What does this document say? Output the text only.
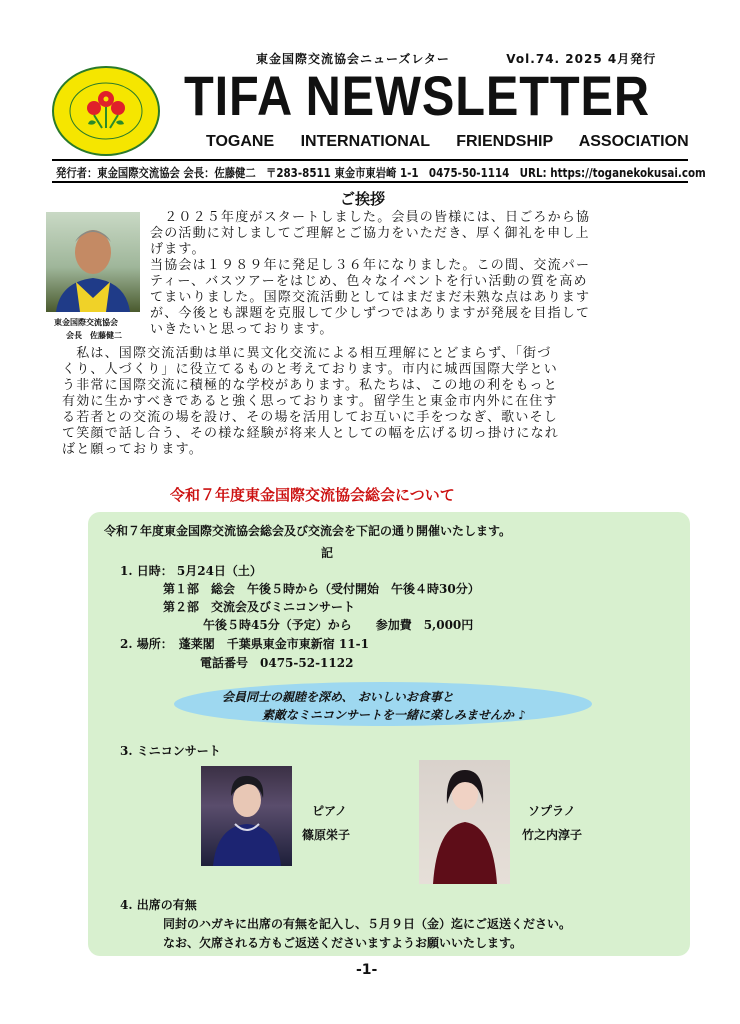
東金国際交流協会ニューズレター	Vol.74. 2025 4月発行
TIFA NEWSLETTER
TOGANE INTERNATIONAL FRIENDSHIP ASSOCIATION
発行者：東金国際交流協会 会長：佐藤健二　〒283-8511 東金市東岩崎 1-1　0475-50-1114　URL: https://toganekokusai.com
ご挨拶
東金国際交流協会
会長　佐藤健二
　２０２５年度がスタートしました。会員の皆様には、日ごろから協
会の活動に対しましてご理解とご協力をいただき、厚く御礼を申し上
げます。
当協会は１９８９年に発足し３６年になりました。この間、交流パー
ティー、バスツアーをはじめ、色々なイベントを行い活動の質を高め
てまいりました。国際交流活動としてはまだまだ未熟な点はあります
が、今後とも課題を克服して少しずつではありますが発展を目指して
いきたいと思っております。
　私は、国際交流活動は単に異文化交流による相互理解にとどまらず、「街づ
くり、人づくり」に役立てるものと考えております。市内に城西国際大学とい
う非常に国際交流に積極的な学校があります。私たちは、この地の利をもっと
有効に生かすべきであると強く思っております。留学生と東金市内外に在住す
る若者との交流の場を設け、その場を活用してお互いに手をつなぎ、歌いそし
て笑顔で話し合う、その様な経験が将来人としての幅を広げる切っ掛けになれ
ばと願っております。
令和７年度東金国際交流協会総会について
令和７年度東金国際交流協会総会及び交流会を下記の通り開催いたします。
記
1. 日時： 5月24日（土）
第１部　総会　午後５時から（受付開始　午後４時30分）
第２部　交流会及びミニコンサート
午後５時45分（予定）から　　参加費　5,000円
2. 場所：　蓬莱閣　千葉県東金市東新宿 11-1
電話番号　0475-52-1122
会員同士の親睦を深め、 おいしいお食事と
素敵なミニコンサートを一緒に楽しみませんか ♪
3. ミニコンサート
ピアノ
篠原栄子
ソプラノ
竹之内淳子
4. 出席の有無
同封のハガキに出席の有無を記入し、５月９日（金）迄にご返送ください。
なお、欠席される方もご返送くださいますようお願いいたします。
-1-
